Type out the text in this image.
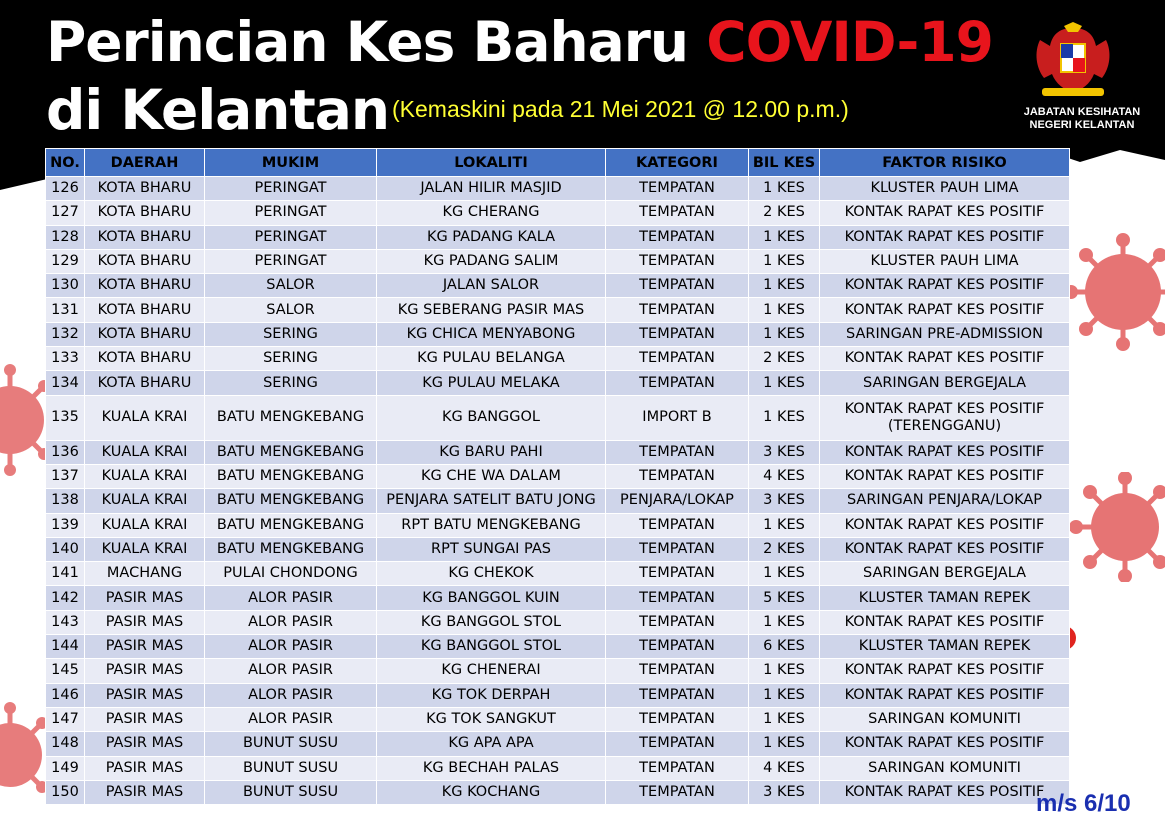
Perincian Kes Baharu COVID-19
di Kelantan (Kemaskini pada 21 Mei 2021 @ 12.00 p.m.)	JABATAN KESIHATAN
NEGERI KELANTAN
NO.	DAERAH	MUKIM	LOKALITI	KATEGORI	BIL KES	FAKTOR RISIKO
126	KOTA BHARU	PERINGAT	JALAN HILIR MASJID	TEMPATAN	1 KES	KLUSTER PAUH LIMA
127	KOTA BHARU	PERINGAT	KG CHERANG	TEMPATAN	2 KES	KONTAK RAPAT KES POSITIF
128	KOTA BHARU	PERINGAT	KG PADANG KALA	TEMPATAN	1 KES	KONTAK RAPAT KES POSITIF
129	KOTA BHARU	PERINGAT	KG PADANG SALIM	TEMPATAN	1 KES	KLUSTER PAUH LIMA
130	KOTA BHARU	SALOR	JALAN SALOR	TEMPATAN	1 KES	KONTAK RAPAT KES POSITIF
131	KOTA BHARU	SALOR	KG SEBERANG PASIR MAS	TEMPATAN	1 KES	KONTAK RAPAT KES POSITIF
132	KOTA BHARU	SERING	KG CHICA MENYABONG	TEMPATAN	1 KES	SARINGAN PRE-ADMISSION
133	KOTA BHARU	SERING	KG PULAU BELANGA	TEMPATAN	2 KES	KONTAK RAPAT KES POSITIF
134	KOTA BHARU	SERING	KG PULAU MELAKA	TEMPATAN	1 KES	SARINGAN BERGEJALA
135	KUALA KRAI	BATU MENGKEBANG	KG BANGGOL	IMPORT B	1 KES	KONTAK RAPAT KES POSITIF (TERENGGANU)
136	KUALA KRAI	BATU MENGKEBANG	KG BARU PAHI	TEMPATAN	3 KES	KONTAK RAPAT KES POSITIF
137	KUALA KRAI	BATU MENGKEBANG	KG CHE WA DALAM	TEMPATAN	4 KES	KONTAK RAPAT KES POSITIF
138	KUALA KRAI	BATU MENGKEBANG	PENJARA SATELIT BATU JONG	PENJARA/LOKAP	3 KES	SARINGAN PENJARA/LOKAP
139	KUALA KRAI	BATU MENGKEBANG	RPT BATU MENGKEBANG	TEMPATAN	1 KES	KONTAK RAPAT KES POSITIF
140	KUALA KRAI	BATU MENGKEBANG	RPT SUNGAI PAS	TEMPATAN	2 KES	KONTAK RAPAT KES POSITIF
141	MACHANG	PULAI CHONDONG	KG CHEKOK	TEMPATAN	1 KES	SARINGAN BERGEJALA
142	PASIR MAS	ALOR PASIR	KG BANGGOL KUIN	TEMPATAN	5 KES	KLUSTER TAMAN REPEK
143	PASIR MAS	ALOR PASIR	KG BANGGOL STOL	TEMPATAN	1 KES	KONTAK RAPAT KES POSITIF
144	PASIR MAS	ALOR PASIR	KG BANGGOL STOL	TEMPATAN	6 KES	KLUSTER TAMAN REPEK
145	PASIR MAS	ALOR PASIR	KG CHENERAI	TEMPATAN	1 KES	KONTAK RAPAT KES POSITIF
146	PASIR MAS	ALOR PASIR	KG TOK DERPAH	TEMPATAN	1 KES	KONTAK RAPAT KES POSITIF
147	PASIR MAS	ALOR PASIR	KG TOK SANGKUT	TEMPATAN	1 KES	SARINGAN KOMUNITI
148	PASIR MAS	BUNUT SUSU	KG APA APA	TEMPATAN	1 KES	KONTAK RAPAT KES POSITIF
149	PASIR MAS	BUNUT SUSU	KG BECHAH PALAS	TEMPATAN	4 KES	SARINGAN KOMUNITI
150	PASIR MAS	BUNUT SUSU	KG KOCHANG	TEMPATAN	3 KES	KONTAK RAPAT KES POSITIF
m/s 6/10
